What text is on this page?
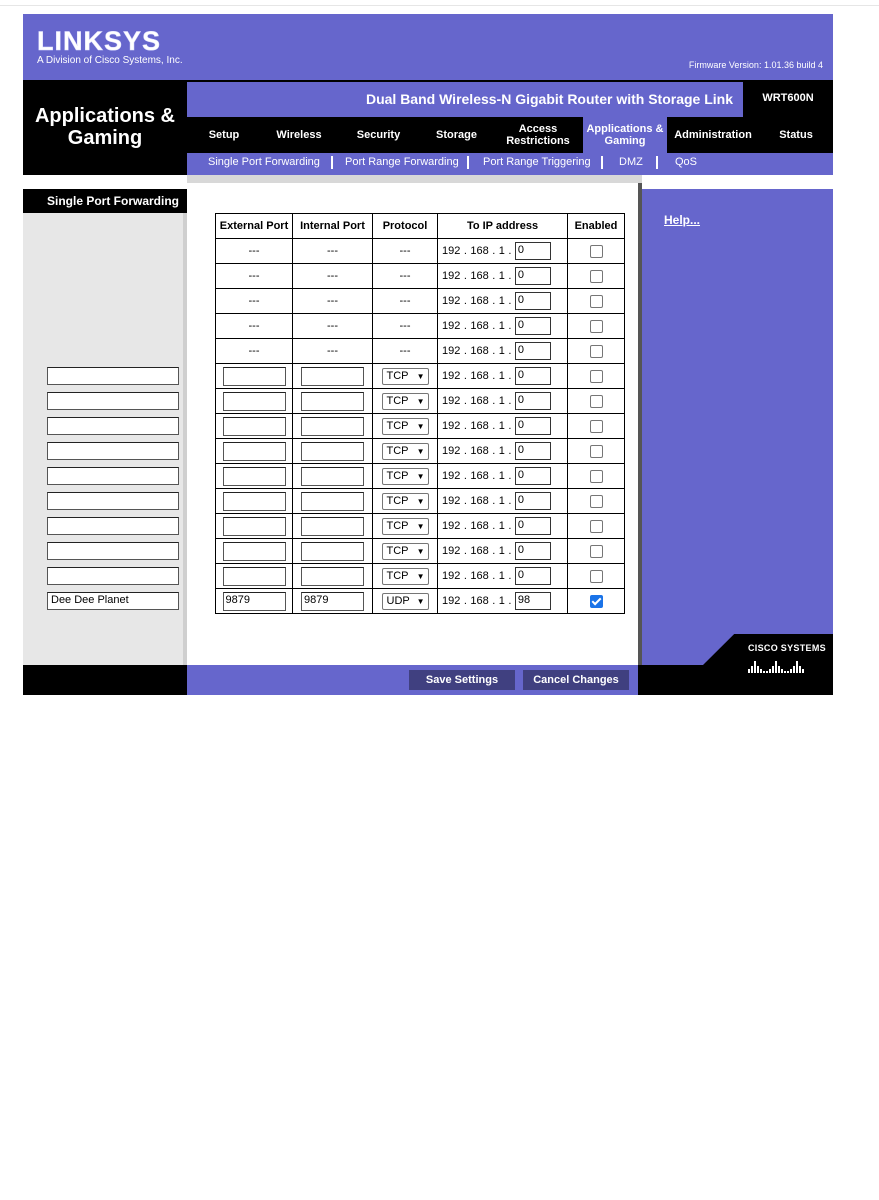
LINKSYS
A Division of Cisco Systems, Inc.	Firmware Version: 1.01.36 build 4
Applications &
Gaming
Dual Band Wireless-N Gigabit Router with Storage Link	WRT600N
Setup	Wireless	Security	Storage	Access Restrictions
Applications & Gaming	Administration	Status
Single Port Forwarding Port Range Forwarding Port Range Triggering	DMZ	QoS
Single Port Forwarding
Dee Dee Planet
External Port	Internal Port	Protocol	To IP address	Enabled
---	---	---	192 . 168 . 1 . 0	
---	---	---	192 . 168 . 1 . 0	
---	---	---	192 . 168 . 1 . 0	
---	---	---	192 . 168 . 1 . 0	
---	---	---	192 . 168 . 1 . 0	

		TCP ▼	192 . 168 . 1 . 0	

		TCP ▼	192 . 168 . 1 . 0	

		TCP ▼	192 . 168 . 1 . 0	

		TCP ▼	192 . 168 . 1 . 0	

		TCP ▼	192 . 168 . 1 . 0	

		TCP ▼	192 . 168 . 1 . 0	

		TCP ▼	192 . 168 . 1 . 0	

		TCP ▼	192 . 168 . 1 . 0	

		TCP ▼	192 . 168 . 1 . 0	
9879	9879	UDP ▼	192 . 168 . 1 . 98	
Help...
CISCO SYSTEMS
Save Settings	Cancel Changes
